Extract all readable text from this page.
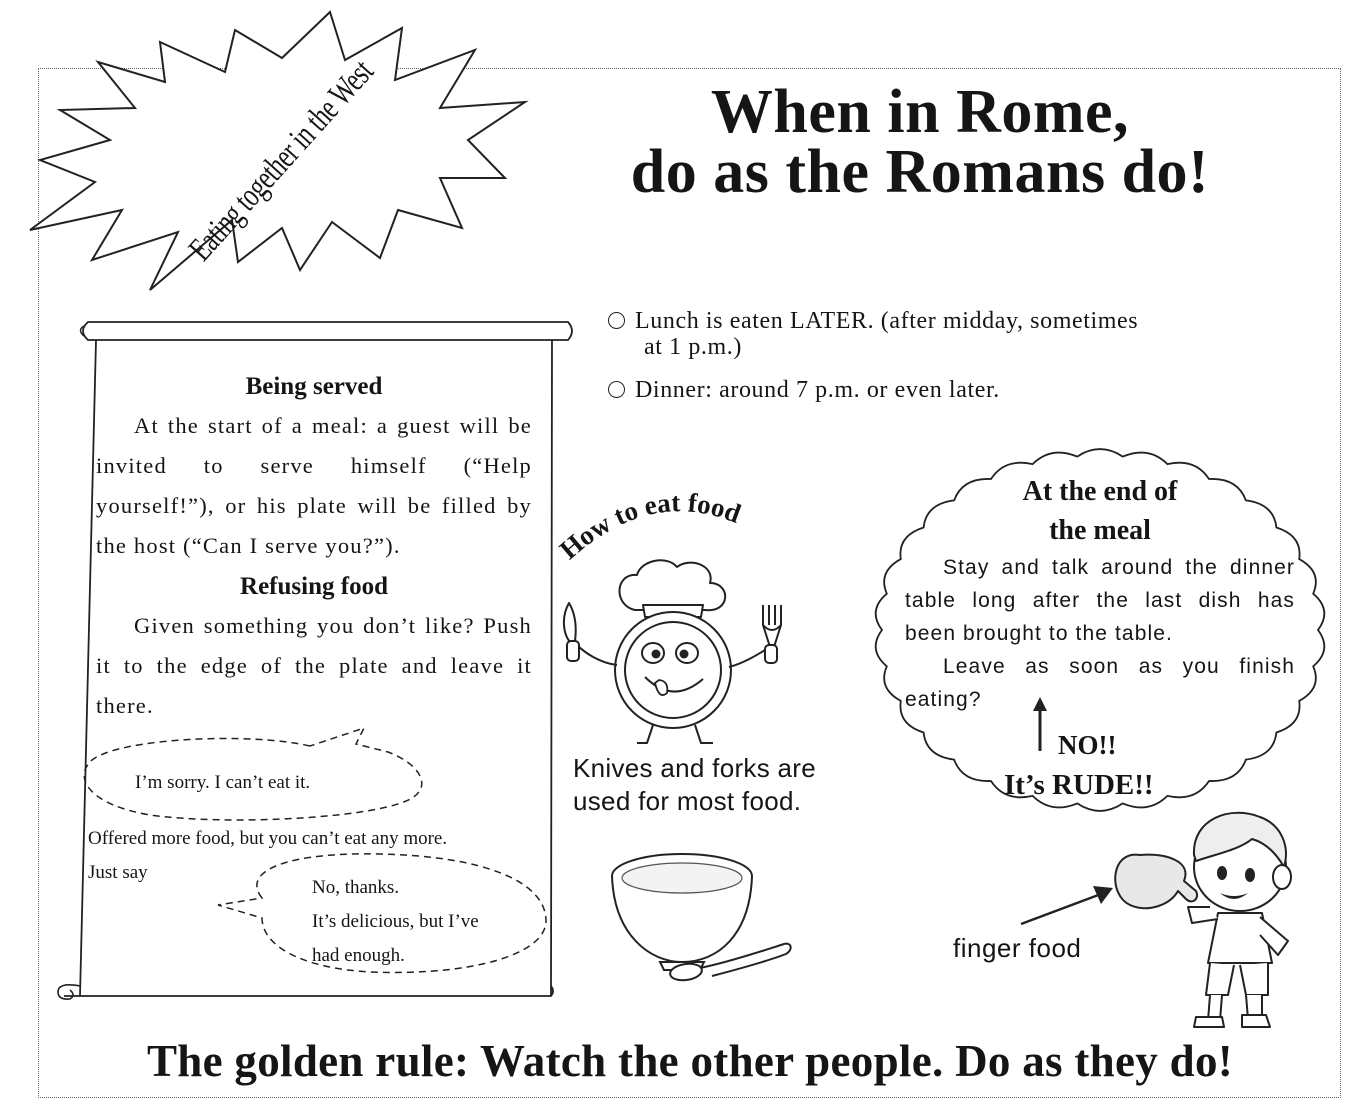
Eating together in the West	When in Rome,
do as the Romans do!
Lunch is eaten LATER. (after midday, sometimes
at 1 p.m.)
Dinner: around 7 p.m. or even later.
Being served
At the start of a meal: a guest will be invited to serve himself (“Help yourself!”), or his plate will be filled by the host (“Can I serve you?”).
Refusing food
Given something you don’t like? Push it to the edge of the plate and leave it there.
I’m sorry. I can’t eat it.
Offered more food, but you can’t eat any more.
Just say
No, thanks.
It’s delicious, but I’ve
had enough.
How to eat food
Knives and forks are
used for most food.
At the end of
the meal
Stay and talk around the dinner table long after the last dish has been brought to the table.
Leave as soon as you finish eating?
NO!!
It’s RUDE!!
finger food
The golden rule: Watch the other people. Do as they do!
